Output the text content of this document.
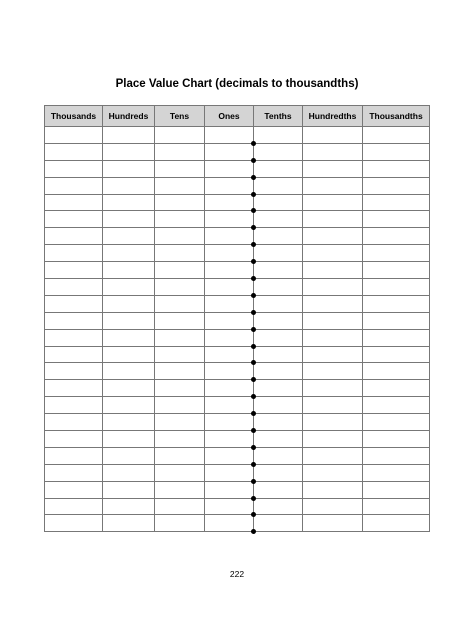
Place Value Chart (decimals to thousandths)
Thousands	Hundreds	Tens	Ones	Tenths	Hundredths	Thousandths

222
